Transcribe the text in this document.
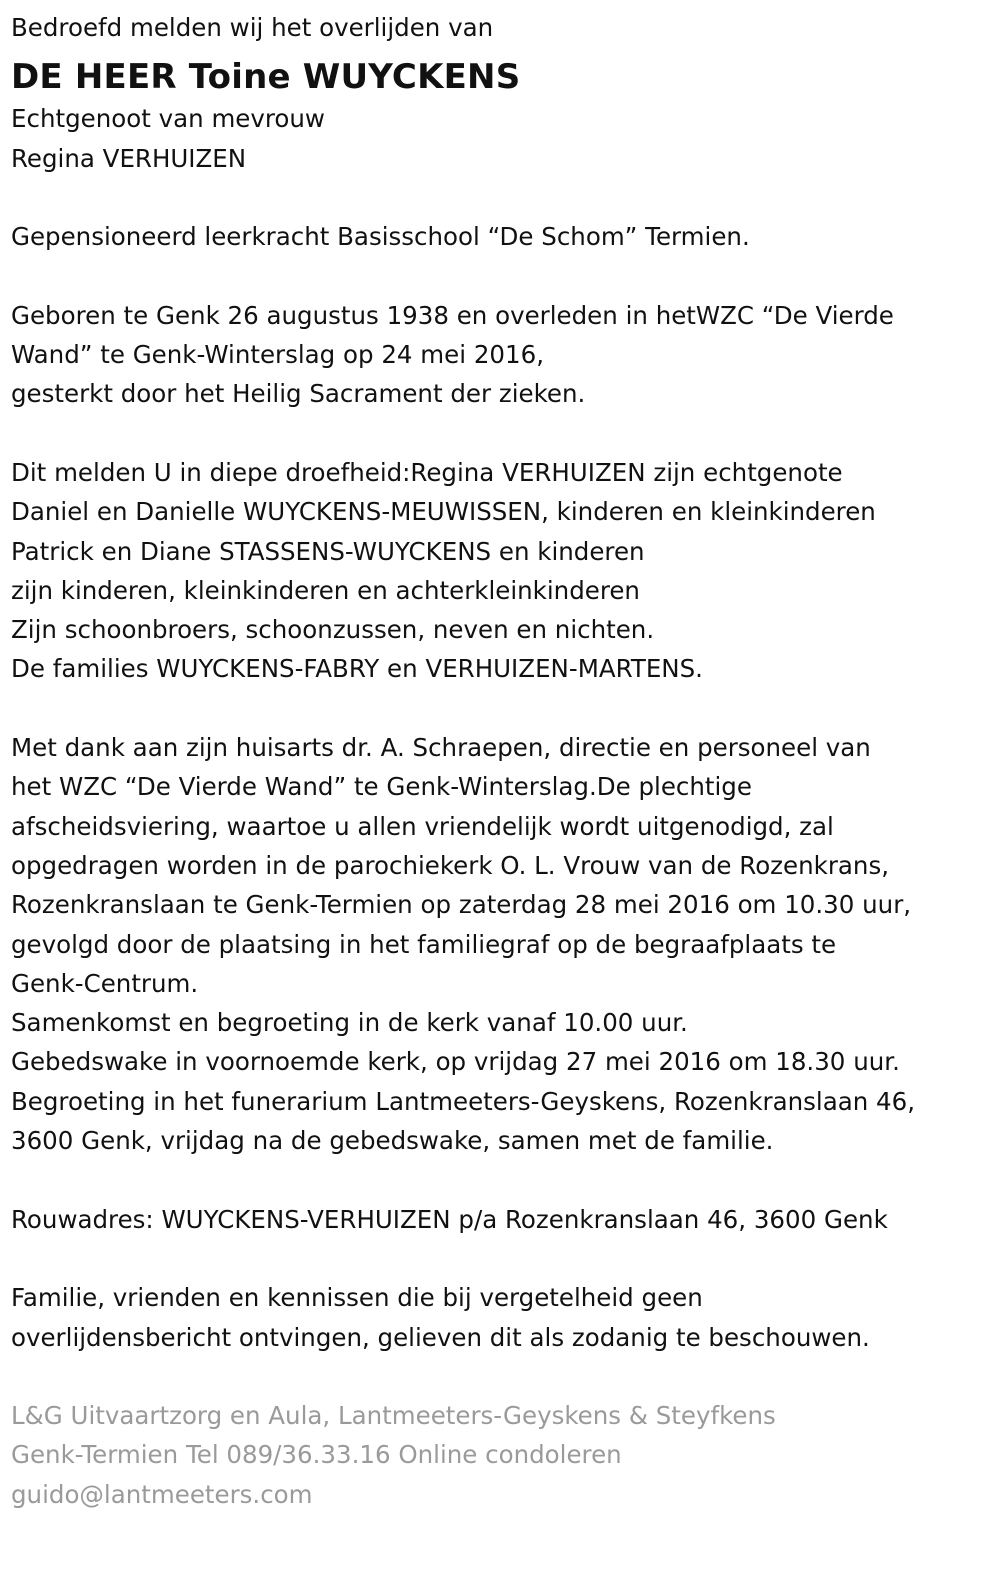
Bedroefd melden wij het overlijden van

DE HEER Toine WUYCKENS

Echtgenoot van mevrouw

Regina VERHUIZEN

Gepensioneerd leerkracht Basisschool “De Schom” Termien.

Geboren te Genk 26 augustus 1938 en overleden in hetWZC “De Vierde

Wand” te Genk-Winterslag op 24 mei 2016,

gesterkt door het Heilig Sacrament der zieken.

Dit melden U in diepe droefheid:Regina VERHUIZEN zijn echtgenote

Daniel en Danielle WUYCKENS-MEUWISSEN, kinderen en kleinkinderen

Patrick en Diane STASSENS-WUYCKENS en kinderen

zijn kinderen, kleinkinderen en achterkleinkinderen

Zijn schoonbroers, schoonzussen, neven en nichten.

De families WUYCKENS-FABRY en VERHUIZEN-MARTENS.

Met dank aan zijn huisarts dr. A. Schraepen, directie en personeel van

het WZC “De Vierde Wand” te Genk-Winterslag.De plechtige

afscheidsviering, waartoe u allen vriendelijk wordt uitgenodigd, zal

opgedragen worden in de parochiekerk O. L. Vrouw van de Rozenkrans,

Rozenkranslaan te Genk-Termien op zaterdag 28 mei 2016 om 10.30 uur,

gevolgd door de plaatsing in het familiegraf op de begraafplaats te

Genk-Centrum.

Samenkomst en begroeting in de kerk vanaf 10.00 uur.

Gebedswake in voornoemde kerk, op vrijdag 27 mei 2016 om 18.30 uur.

Begroeting in het funerarium Lantmeeters-Geyskens, Rozenkranslaan 46,

3600 Genk, vrijdag na de gebedswake, samen met de familie.

Rouwadres: WUYCKENS-VERHUIZEN p/a Rozenkranslaan 46, 3600 Genk

Familie, vrienden en kennissen die bij vergetelheid geen

overlijdensbericht ontvingen, gelieven dit als zodanig te beschouwen.

L&G Uitvaartzorg en Aula, Lantmeeters-Geyskens & Steyfkens

Genk-Termien Tel 089/36.33.16 Online condoleren

guido@lantmeeters.com
